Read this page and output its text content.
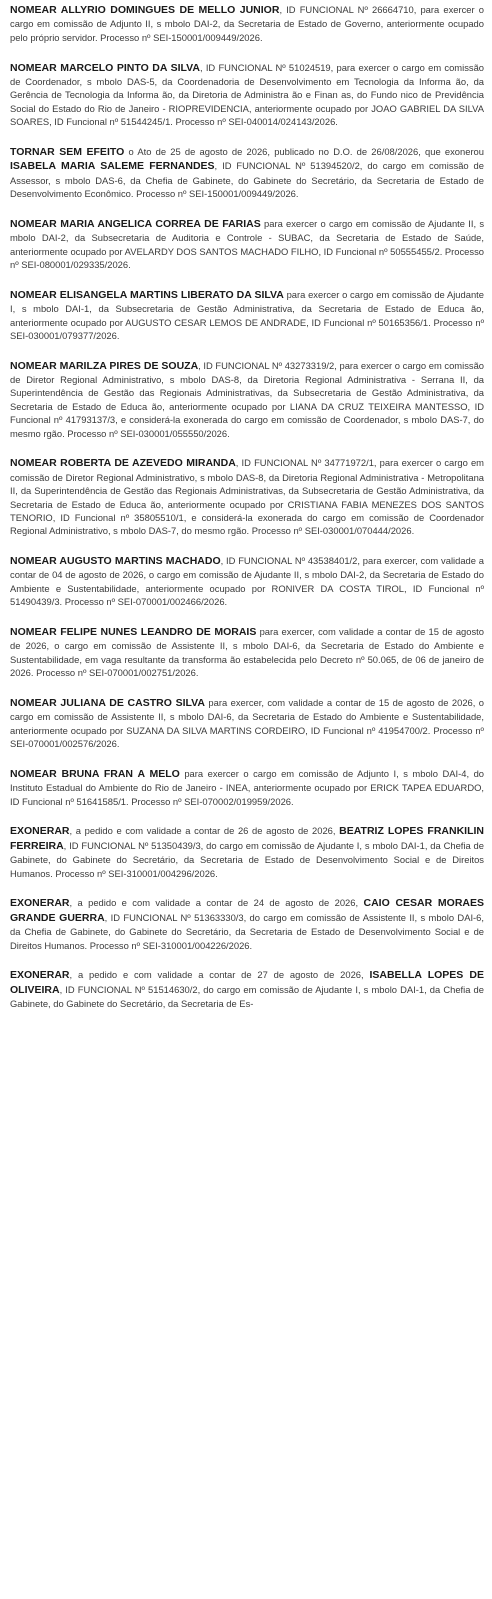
NOMEAR ALLYRIO DOMINGUES DE MELLO JUNIOR, ID FUNCIONAL Nº 26664710, para exercer o cargo em comissão de Adjunto II, s mbolo DAI-2, da Secretaria de Estado de Governo, anteriormente ocupado pelo próprio servidor. Processo nº SEI-150001/009449/2026.

NOMEAR MARCELO PINTO DA SILVA, ID FUNCIONAL Nº 51024519, para exercer o cargo em comissão de Coordenador, s mbolo DAS-5, da Coordenadoria de Desenvolvimento em Tecnologia da Informa ão, da Gerência de Tecnologia da Informa ão, da Diretoria de Administra ão e Finan as, do Fundo nico de Previdência Social do Estado do Rio de Janeiro - RIOPREVIDENCIA, anteriormente ocupado por JOAO GABRIEL DA SILVA SOARES, ID Funcional nº 51544245/1. Processo nº SEI-040014/024143/2026.

TORNAR SEM EFEITO o Ato de 25 de agosto de 2026, publicado no D.O. de 26/08/2026, que exonerou ISABELA MARIA SALEME FERNANDES, ID FUNCIONAL Nº 51394520/2, do cargo em comissão de Assessor, s mbolo DAS-6, da Chefia de Gabinete, do Gabinete do Secretário, da Secretaria de Estado de Desenvolvimento Econômico. Processo nº SEI-150001/009449/2026.

NOMEAR MARIA ANGELICA CORREA DE FARIAS para exercer o cargo em comissão de Ajudante II, s mbolo DAI-2, da Subsecretaria de Auditoria e Controle - SUBAC, da Secretaria de Estado de Saúde, anteriormente ocupado por AVELARDY DOS SANTOS MACHADO FILHO, ID Funcional nº 50555455/2. Processo nº SEI-080001/029335/2026.

NOMEAR ELISANGELA MARTINS LIBERATO DA SILVA para exercer o cargo em comissão de Ajudante I, s mbolo DAI-1, da Subsecretaria de Gestão Administrativa, da Secretaria de Estado de Educa ão, anteriormente ocupado por AUGUSTO CESAR LEMOS DE ANDRADE, ID Funcional nº 50165356/1. Processo nº SEI-030001/079377/2026.

NOMEAR MARILZA PIRES DE SOUZA, ID FUNCIONAL Nº 43273319/2, para exercer o cargo em comissão de Diretor Regional Administrativo, s mbolo DAS-8, da Diretoria Regional Administrativa - Serrana II, da Superintendência de Gestão das Regionais Administrativas, da Subsecretaria de Gestão Administrativa, da Secretaria de Estado de Educa ão, anteriormente ocupado por LIANA DA CRUZ TEIXEIRA MANTESSO, ID Funcional nº 41793137/3, e considerá-la exonerada do cargo em comissão de Coordenador, s mbolo DAS-7, do mesmo rgão. Processo nº SEI-030001/055550/2026.

NOMEAR ROBERTA DE AZEVEDO MIRANDA, ID FUNCIONAL Nº 34771972/1, para exercer o cargo em comissão de Diretor Regional Administrativo, s mbolo DAS-8, da Diretoria Regional Administrativa - Metropolitana II, da Superintendência de Gestão das Regionais Administrativas, da Subsecretaria de Gestão Administrativa, da Secretaria de Estado de Educa ão, anteriormente ocupado por CRISTIANA FABIA MENEZES DOS SANTOS TENORIO, ID Funcional nº 35805510/1, e considerá-la exonerada do cargo em comissão de Coordenador Regional Administrativo, s mbolo DAS-7, do mesmo rgão. Processo nº SEI-030001/070444/2026.

NOMEAR AUGUSTO MARTINS MACHADO, ID FUNCIONAL Nº 43538401/2, para exercer, com validade a contar de 04 de agosto de 2026, o cargo em comissão de Ajudante II, s mbolo DAI-2, da Secretaria de Estado do Ambiente e Sustentabilidade, anteriormente ocupado por RONIVER DA COSTA TIROL, ID Funcional nº 51490439/3. Processo nº SEI-070001/002466/2026.

NOMEAR FELIPE NUNES LEANDRO DE MORAIS para exercer, com validade a contar de 15 de agosto de 2026, o cargo em comissão de Assistente II, s mbolo DAI-6, da Secretaria de Estado do Ambiente e Sustentabilidade, em vaga resultante da transforma ão estabelecida pelo Decreto nº 50.065, de 06 de janeiro de 2026. Processo nº SEI-070001/002751/2026.

NOMEAR JULIANA DE CASTRO SILVA para exercer, com validade a contar de 15 de agosto de 2026, o cargo em comissão de Assistente II, s mbolo DAI-6, da Secretaria de Estado do Ambiente e Sustentabilidade, anteriormente ocupado por SUZANA DA SILVA MARTINS CORDEIRO, ID Funcional nº 41954700/2. Processo nº SEI-070001/002576/2026.

NOMEAR BRUNA FRAN A MELO para exercer o cargo em comissão de Adjunto I, s mbolo DAI-4, do Instituto Estadual do Ambiente do Rio de Janeiro - INEA, anteriormente ocupado por ERICK TAPEA EDUARDO, ID Funcional nº 51641585/1. Processo nº SEI-070002/019959/2026.

EXONERAR, a pedido e com validade a contar de 26 de agosto de 2026, BEATRIZ LOPES FRANKILIN FERREIRA, ID FUNCIONAL Nº 51350439/3, do cargo em comissão de Ajudante I, s mbolo DAI-1, da Chefia de Gabinete, do Gabinete do Secretário, da Secretaria de Estado de Desenvolvimento Social e de Direitos Humanos. Processo nº SEI-310001/004296/2026.

EXONERAR, a pedido e com validade a contar de 24 de agosto de 2026, CAIO CESAR MORAES GRANDE GUERRA, ID FUNCIONAL Nº 51363330/3, do cargo em comissão de Assistente II, s mbolo DAI-6, da Chefia de Gabinete, do Gabinete do Secretário, da Secretaria de Estado de Desenvolvimento Social e de Direitos Humanos. Processo nº SEI-310001/004226/2026.

EXONERAR, a pedido e com validade a contar de 27 de agosto de 2026, ISABELLA LOPES DE OLIVEIRA, ID FUNCIONAL Nº 51514630/2, do cargo em comissão de Ajudante I, s mbolo DAI-1, da Chefia de Gabinete, do Gabinete do Secretário, da Secretaria de Es-
